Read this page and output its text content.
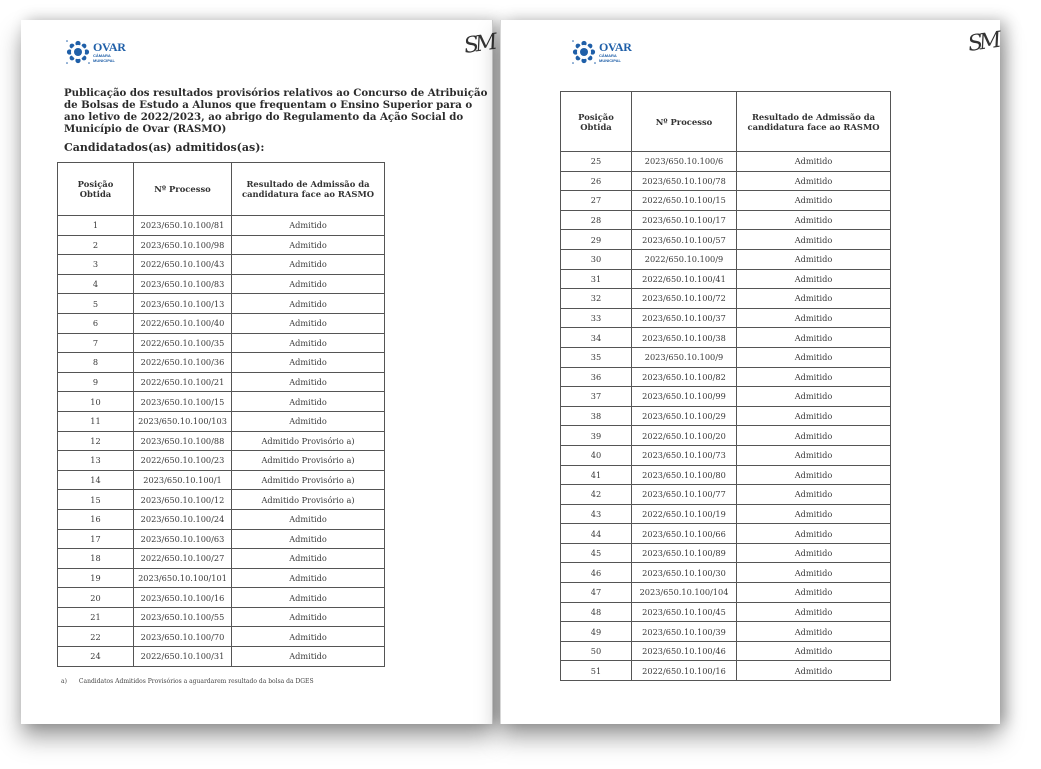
OVAR
CÂMARA
MUNICIPAL
SM

Publicação dos resultados provisórios relativos ao Concurso de Atribuição de Bolsas de Estudo a Alunos que frequentam o Ensino Superior para o ano letivo de 2022/2023, ao abrigo do Regulamento da Ação Social do Município de Ovar (RASMO)

Candidatados(as) admitidos(as):

Posição
Obtida	Nº Processo	Resultado de Admissão da
candidatura face ao RASMO
1	2023/650.10.100/81	Admitido
2	2023/650.10.100/98	Admitido
3	2022/650.10.100/43	Admitido
4	2023/650.10.100/83	Admitido
5	2023/650.10.100/13	Admitido
6	2022/650.10.100/40	Admitido
7	2022/650.10.100/35	Admitido
8	2022/650.10.100/36	Admitido
9	2022/650.10.100/21	Admitido
10	2023/650.10.100/15	Admitido
11	2023/650.10.100/103	Admitido
12	2023/650.10.100/88	Admitido Provisório a)
13	2022/650.10.100/23	Admitido Provisório a)
14	2023/650.10.100/1	Admitido Provisório a)
15	2023/650.10.100/12	Admitido Provisório a)
16	2023/650.10.100/24	Admitido
17	2023/650.10.100/63	Admitido
18	2022/650.10.100/27	Admitido
19	2023/650.10.100/101	Admitido
20	2023/650.10.100/16	Admitido
21	2023/650.10.100/55	Admitido
22	2023/650.10.100/70	Admitido
24	2022/650.10.100/31	Admitido
a) Candidatos Admitidos Provisórios a aguardarem resultado da bolsa da DGES
OVAR
CÂMARA
MUNICIPAL
SM
Posição
Obtida	Nº Processo	Resultado de Admissão da
candidatura face ao RASMO
25	2023/650.10.100/6	Admitido
26	2023/650.10.100/78	Admitido
27	2022/650.10.100/15	Admitido
28	2023/650.10.100/17	Admitido
29	2023/650.10.100/57	Admitido
30	2022/650.10.100/9	Admitido
31	2022/650.10.100/41	Admitido
32	2023/650.10.100/72	Admitido
33	2023/650.10.100/37	Admitido
34	2023/650.10.100/38	Admitido
35	2023/650.10.100/9	Admitido
36	2023/650.10.100/82	Admitido
37	2023/650.10.100/99	Admitido
38	2023/650.10.100/29	Admitido
39	2022/650.10.100/20	Admitido
40	2023/650.10.100/73	Admitido
41	2023/650.10.100/80	Admitido
42	2023/650.10.100/77	Admitido
43	2022/650.10.100/19	Admitido
44	2023/650.10.100/66	Admitido
45	2023/650.10.100/89	Admitido
46	2023/650.10.100/30	Admitido
47	2023/650.10.100/104	Admitido
48	2023/650.10.100/45	Admitido
49	2023/650.10.100/39	Admitido
50	2023/650.10.100/46	Admitido
51	2022/650.10.100/16	Admitido
